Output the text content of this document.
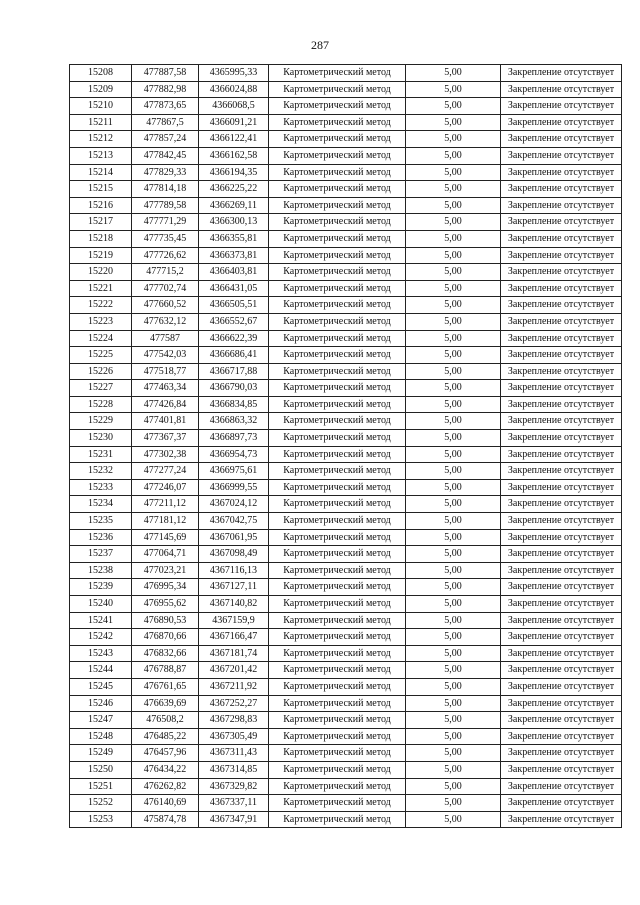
287
15208	477887,58	4365995,33	Картометрический метод	5,00	Закрепление отсутствует
15209	477882,98	4366024,88	Картометрический метод	5,00	Закрепление отсутствует
15210	477873,65	4366068,5	Картометрический метод	5,00	Закрепление отсутствует
15211	477867,5	4366091,21	Картометрический метод	5,00	Закрепление отсутствует
15212	477857,24	4366122,41	Картометрический метод	5,00	Закрепление отсутствует
15213	477842,45	4366162,58	Картометрический метод	5,00	Закрепление отсутствует
15214	477829,33	4366194,35	Картометрический метод	5,00	Закрепление отсутствует
15215	477814,18	4366225,22	Картометрический метод	5,00	Закрепление отсутствует
15216	477789,58	4366269,11	Картометрический метод	5,00	Закрепление отсутствует
15217	477771,29	4366300,13	Картометрический метод	5,00	Закрепление отсутствует
15218	477735,45	4366355,81	Картометрический метод	5,00	Закрепление отсутствует
15219	477726,62	4366373,81	Картометрический метод	5,00	Закрепление отсутствует
15220	477715,2	4366403,81	Картометрический метод	5,00	Закрепление отсутствует
15221	477702,74	4366431,05	Картометрический метод	5,00	Закрепление отсутствует
15222	477660,52	4366505,51	Картометрический метод	5,00	Закрепление отсутствует
15223	477632,12	4366552,67	Картометрический метод	5,00	Закрепление отсутствует
15224	477587	4366622,39	Картометрический метод	5,00	Закрепление отсутствует
15225	477542,03	4366686,41	Картометрический метод	5,00	Закрепление отсутствует
15226	477518,77	4366717,88	Картометрический метод	5,00	Закрепление отсутствует
15227	477463,34	4366790,03	Картометрический метод	5,00	Закрепление отсутствует
15228	477426,84	4366834,85	Картометрический метод	5,00	Закрепление отсутствует
15229	477401,81	4366863,32	Картометрический метод	5,00	Закрепление отсутствует
15230	477367,37	4366897,73	Картометрический метод	5,00	Закрепление отсутствует
15231	477302,38	4366954,73	Картометрический метод	5,00	Закрепление отсутствует
15232	477277,24	4366975,61	Картометрический метод	5,00	Закрепление отсутствует
15233	477246,07	4366999,55	Картометрический метод	5,00	Закрепление отсутствует
15234	477211,12	4367024,12	Картометрический метод	5,00	Закрепление отсутствует
15235	477181,12	4367042,75	Картометрический метод	5,00	Закрепление отсутствует
15236	477145,69	4367061,95	Картометрический метод	5,00	Закрепление отсутствует
15237	477064,71	4367098,49	Картометрический метод	5,00	Закрепление отсутствует
15238	477023,21	4367116,13	Картометрический метод	5,00	Закрепление отсутствует
15239	476995,34	4367127,11	Картометрический метод	5,00	Закрепление отсутствует
15240	476955,62	4367140,82	Картометрический метод	5,00	Закрепление отсутствует
15241	476890,53	4367159,9	Картометрический метод	5,00	Закрепление отсутствует
15242	476870,66	4367166,47	Картометрический метод	5,00	Закрепление отсутствует
15243	476832,66	4367181,74	Картометрический метод	5,00	Закрепление отсутствует
15244	476788,87	4367201,42	Картометрический метод	5,00	Закрепление отсутствует
15245	476761,65	4367211,92	Картометрический метод	5,00	Закрепление отсутствует
15246	476639,69	4367252,27	Картометрический метод	5,00	Закрепление отсутствует
15247	476508,2	4367298,83	Картометрический метод	5,00	Закрепление отсутствует
15248	476485,22	4367305,49	Картометрический метод	5,00	Закрепление отсутствует
15249	476457,96	4367311,43	Картометрический метод	5,00	Закрепление отсутствует
15250	476434,22	4367314,85	Картометрический метод	5,00	Закрепление отсутствует
15251	476262,82	4367329,82	Картометрический метод	5,00	Закрепление отсутствует
15252	476140,69	4367337,11	Картометрический метод	5,00	Закрепление отсутствует
15253	475874,78	4367347,91	Картометрический метод	5,00	Закрепление отсутствует
